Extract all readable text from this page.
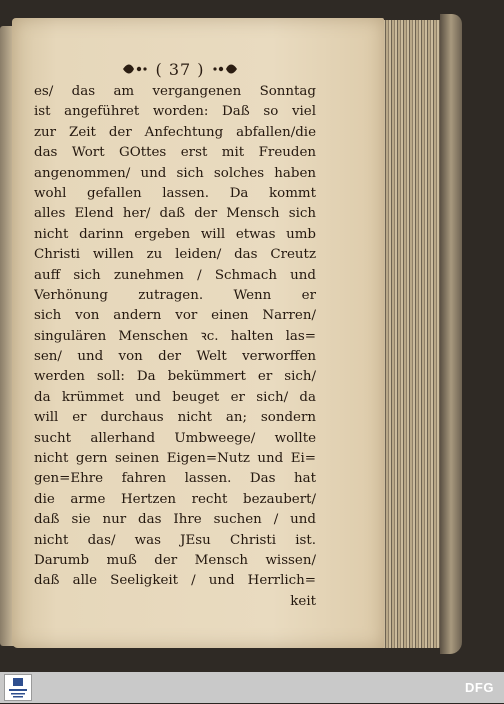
( 37 )
es/ das am vergangenen Sonntag
ist angeführet worden: Daß so viel
zur Zeit der Anfechtung abfallen/die
das Wort GOttes erst mit Freuden
angenommen/ und sich solches haben
wohl gefallen lassen. Da kommt
alles Elend her/ daß der Mensch sich
nicht darinn ergeben will etwas umb
Christi willen zu leiden/ das Creutz
auff sich zunehmen / Schmach und
Verhönung zutragen. Wenn er
sich von andern vor einen Narren/
singulären Menschen ꝛc. halten las=
sen/ und von der Welt verworffen
werden soll: Da bekümmert er sich/
da krümmet und beuget er sich/ da
will er durchaus nicht an; sondern
sucht allerhand Umbweege/ wollte
nicht gern seinen Eigen=Nutz und Ei=
gen=Ehre fahren lassen. Das hat
die arme Hertzen recht bezaubert/
daß sie nur das Ihre suchen / und
nicht das/ was JEsu Christi ist.
Darumb muß der Mensch wissen/
daß alle Seeligkeit / und Herrlich=
keit
DFG
